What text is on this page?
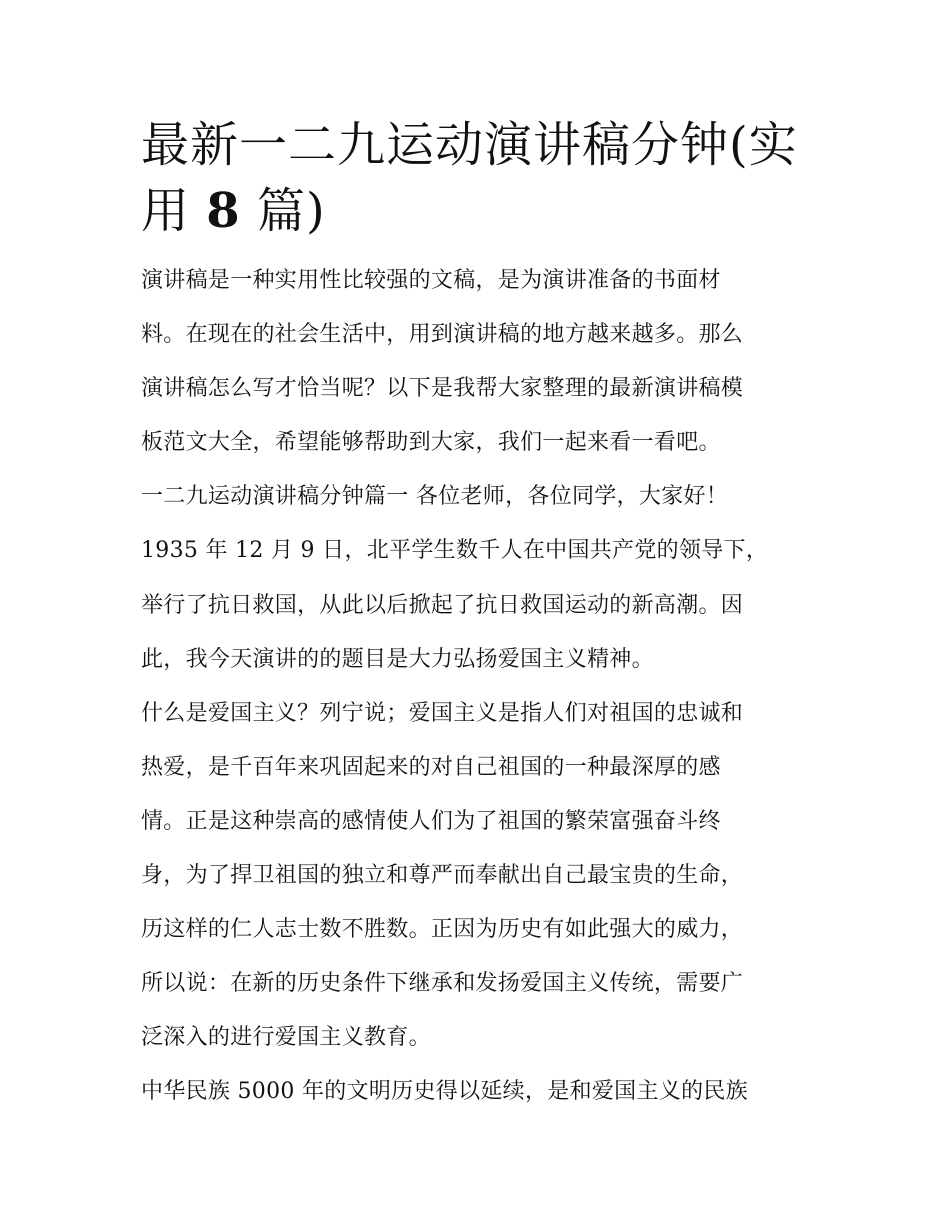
最新一二九运动演讲稿分钟(实
用 8 篇)
演讲稿是一种实用性比较强的文稿，是为演讲准备的书面材
料。在现在的社会生活中，用到演讲稿的地方越来越多。那么
演讲稿怎么写才恰当呢？以下是我帮大家整理的最新演讲稿模
板范文大全，希望能够帮助到大家，我们一起来看一看吧。
一二九运动演讲稿分钟篇一 各位老师，各位同学，大家好！
1935 年 12 月 9 日，北平学生数千人在中国共产党的领导下，
举行了抗日救国，从此以后掀起了抗日救国运动的新高潮。因
此，我今天演讲的的题目是大力弘扬爱国主义精神。
什么是爱国主义？列宁说；爱国主义是指人们对祖国的忠诚和
热爱，是千百年来巩固起来的对自己祖国的一种最深厚的感
情。正是这种崇高的感情使人们为了祖国的繁荣富强奋斗终
身，为了捍卫祖国的独立和尊严而奉献出自己最宝贵的生命，
历这样的仁人志士数不胜数。正因为历史有如此强大的威力，
所以说：在新的历史条件下继承和发扬爱国主义传统，需要广
泛深入的进行爱国主义教育。
中华民族 5000 年的文明历史得以延续，是和爱国主义的民族
